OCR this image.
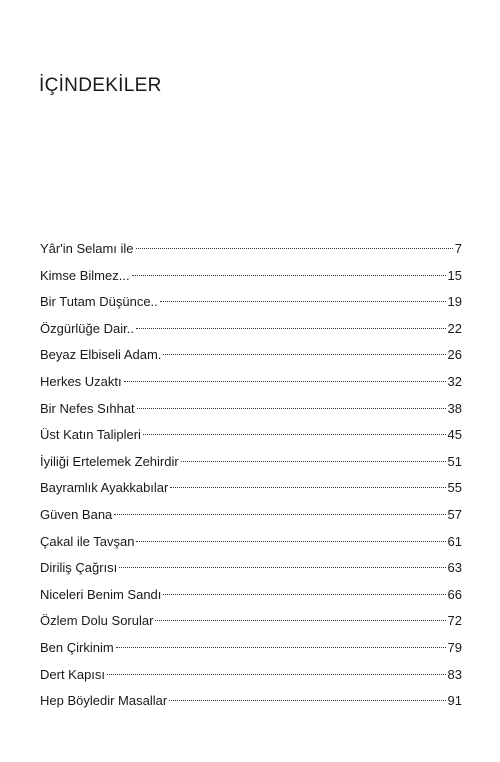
İÇİNDEKİLER
Yâr'in Selamı ile	7
Kimse Bilmez...	15
Bir Tutam Düşünce..	19
Özgürlüğe Dair..	22
Beyaz Elbiseli Adam.	26
Herkes Uzaktı	32
Bir Nefes Sıhhat	38
Üst Katın Talipleri	45
İyiliği Ertelemek Zehirdir	51
Bayramlık Ayakkabılar	55
Güven Bana	57
Çakal ile Tavşan	61
Diriliş Çağrısı	63
Niceleri Benim Sandı	66
Özlem Dolu Sorular	72
Ben Çirkinim	79
Dert Kapısı	83
Hep Böyledir Masallar	91
